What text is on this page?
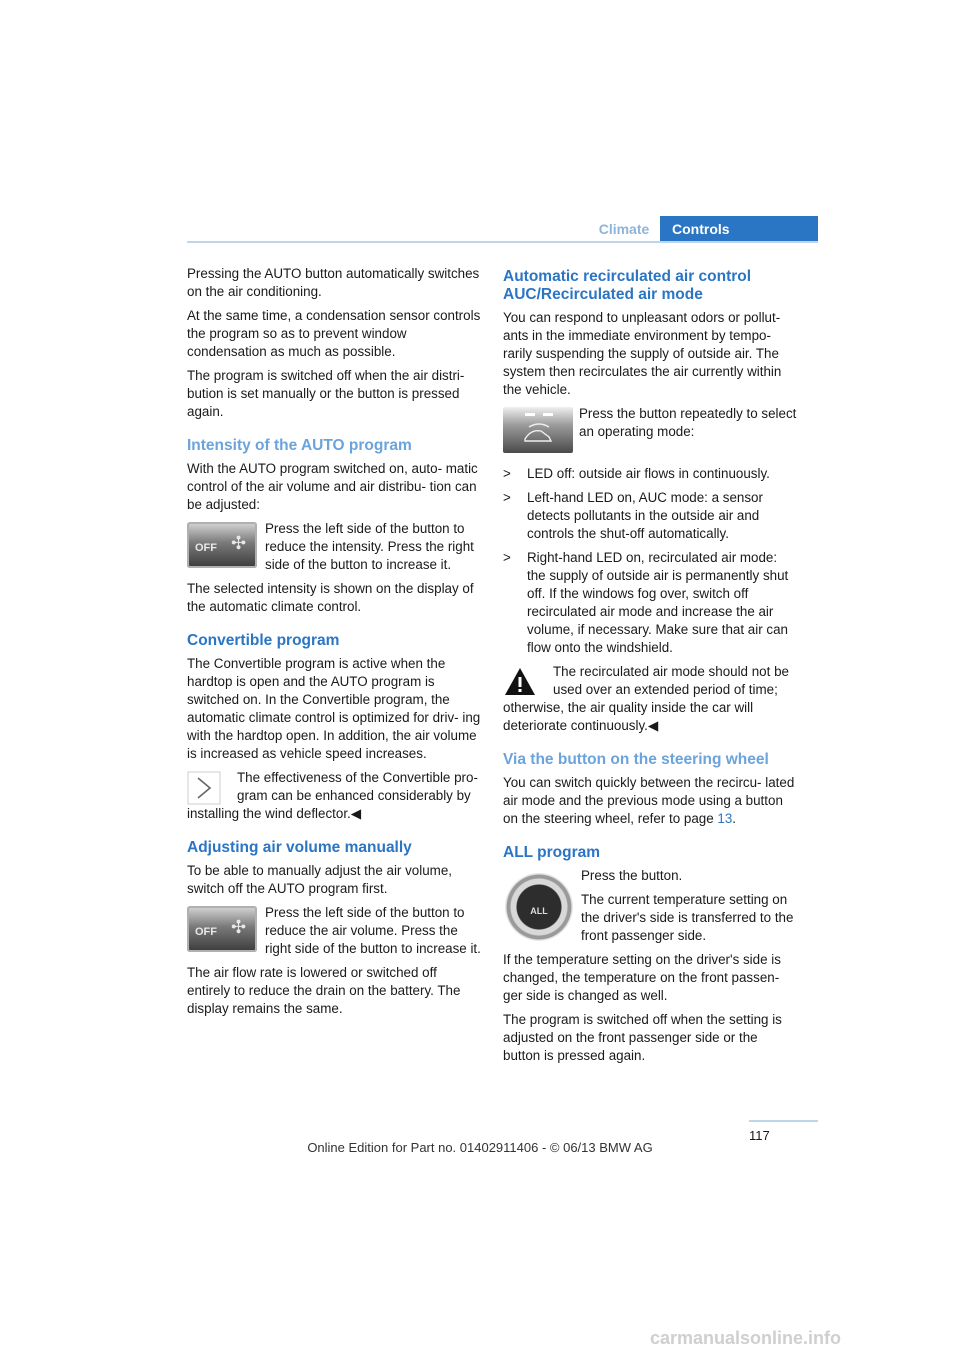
Climate	Controls

Pressing the AUTO button automatically switches on the air conditioning.

At the same time, a condensation sensor controls the program so as to prevent window condensation as much as possible.

The program is switched off when the air distri- bution is set manually or the button is pressed again.

Intensity of the AUTO program

With the AUTO program switched on, auto- matic control of the air volume and air distribu- tion can be adjusted:

OFF ✣

Press the left side of the button to reduce the intensity. Press the right side of the button to increase it.

The selected intensity is shown on the display of the automatic climate control.

Convertible program

The Convertible program is active when the hardtop is open and the AUTO program is switched on. In the Convertible program, the automatic climate control is optimized for driv- ing with the hardtop open. In addition, the air volume is increased as vehicle speed increases.

The effectiveness of the Convertible pro- gram can be enhanced considerably by installing the wind deflector.◀

Adjusting air volume manually

To be able to manually adjust the air volume, switch off the AUTO program first.

OFF ✣

Press the left side of the button to reduce the air volume. Press the right side of the button to increase it.

The air flow rate is lowered or switched off entirely to reduce the drain on the battery. The display remains the same.

Automatic recirculated air control AUC/Recirculated air mode

You can respond to unpleasant odors or pollut- ants in the immediate environment by tempo- rarily suspending the supply of outside air. The system then recirculates the air currently within the vehicle.

Press the button repeatedly to select an operating mode:

>	LED off: outside air flows in continuously.
>	Left-hand LED on, AUC mode: a sensor detects pollutants in the outside air and controls the shut-off automatically.
>	Right-hand LED on, recirculated air mode: the supply of outside air is permanently shut off. If the windows fog over, switch off recirculated air mode and increase the air volume, if necessary. Make sure that air can flow onto the windshield.

The recirculated air mode should not be used over an extended period of time; otherwise, the air quality inside the car will deteriorate continuously.◀

Via the button on the steering wheel

You can switch quickly between the recircu- lated air mode and the previous mode using a button on the steering wheel, refer to page 13.

ALL program
ALL

Press the button.

The current temperature setting on the driver's side is transferred to the front passenger side.

If the temperature setting on the driver's side is changed, the temperature on the front passen- ger side is changed as well.

The program is switched off when the setting is adjusted on the front passenger side or the button is pressed again.

117
Online Edition for Part no. 01402911406 - © 06/13 BMW AG
carmanualsonline.info
